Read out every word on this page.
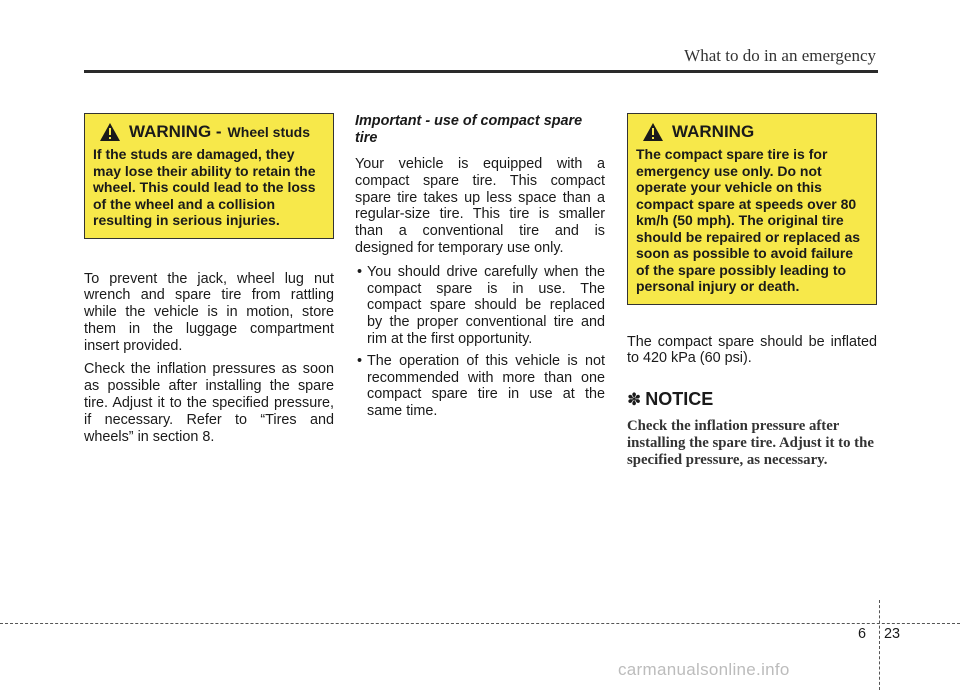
What to do in an emergency
WARNING - Wheel studs
If the studs are damaged, they may lose their ability to retain the wheel. This could lead to the loss of the wheel and a collision resulting in serious injuries.

To prevent the jack, wheel lug nut wrench and spare tire from rattling while the vehicle is in motion, store them in the luggage compartment insert provided.

Check the inflation pressures as soon as possible after installing the spare tire. Adjust it to the specified pressure, if necessary. Refer to “Tires and wheels” in section 8.

Important - use of compact spare tire

Your vehicle is equipped with a compact spare tire. This compact spare tire takes up less space than a regular-size tire. This tire is smaller than a conventional tire and is designed for temporary use only.

• You should drive carefully when the compact spare is in use. The compact spare should be replaced by the proper conventional tire and rim at the first opportunity.
• The operation of this vehicle is not recommended with more than one compact spare tire in use at the same time.
WARNING
The compact spare tire is for emergency use only. Do not operate your vehicle on this compact spare at speeds over 80 km/h (50 mph). The original tire should be repaired or replaced as soon as possible to avoid failure of the spare possibly leading to personal injury or death.

The compact spare should be inflated to 420 kPa (60 psi).

✽ NOTICE
Check the inflation pressure after installing the spare tire. Adjust it to the specified pressure, as necessary.
6 23
carmanualsonline.info
